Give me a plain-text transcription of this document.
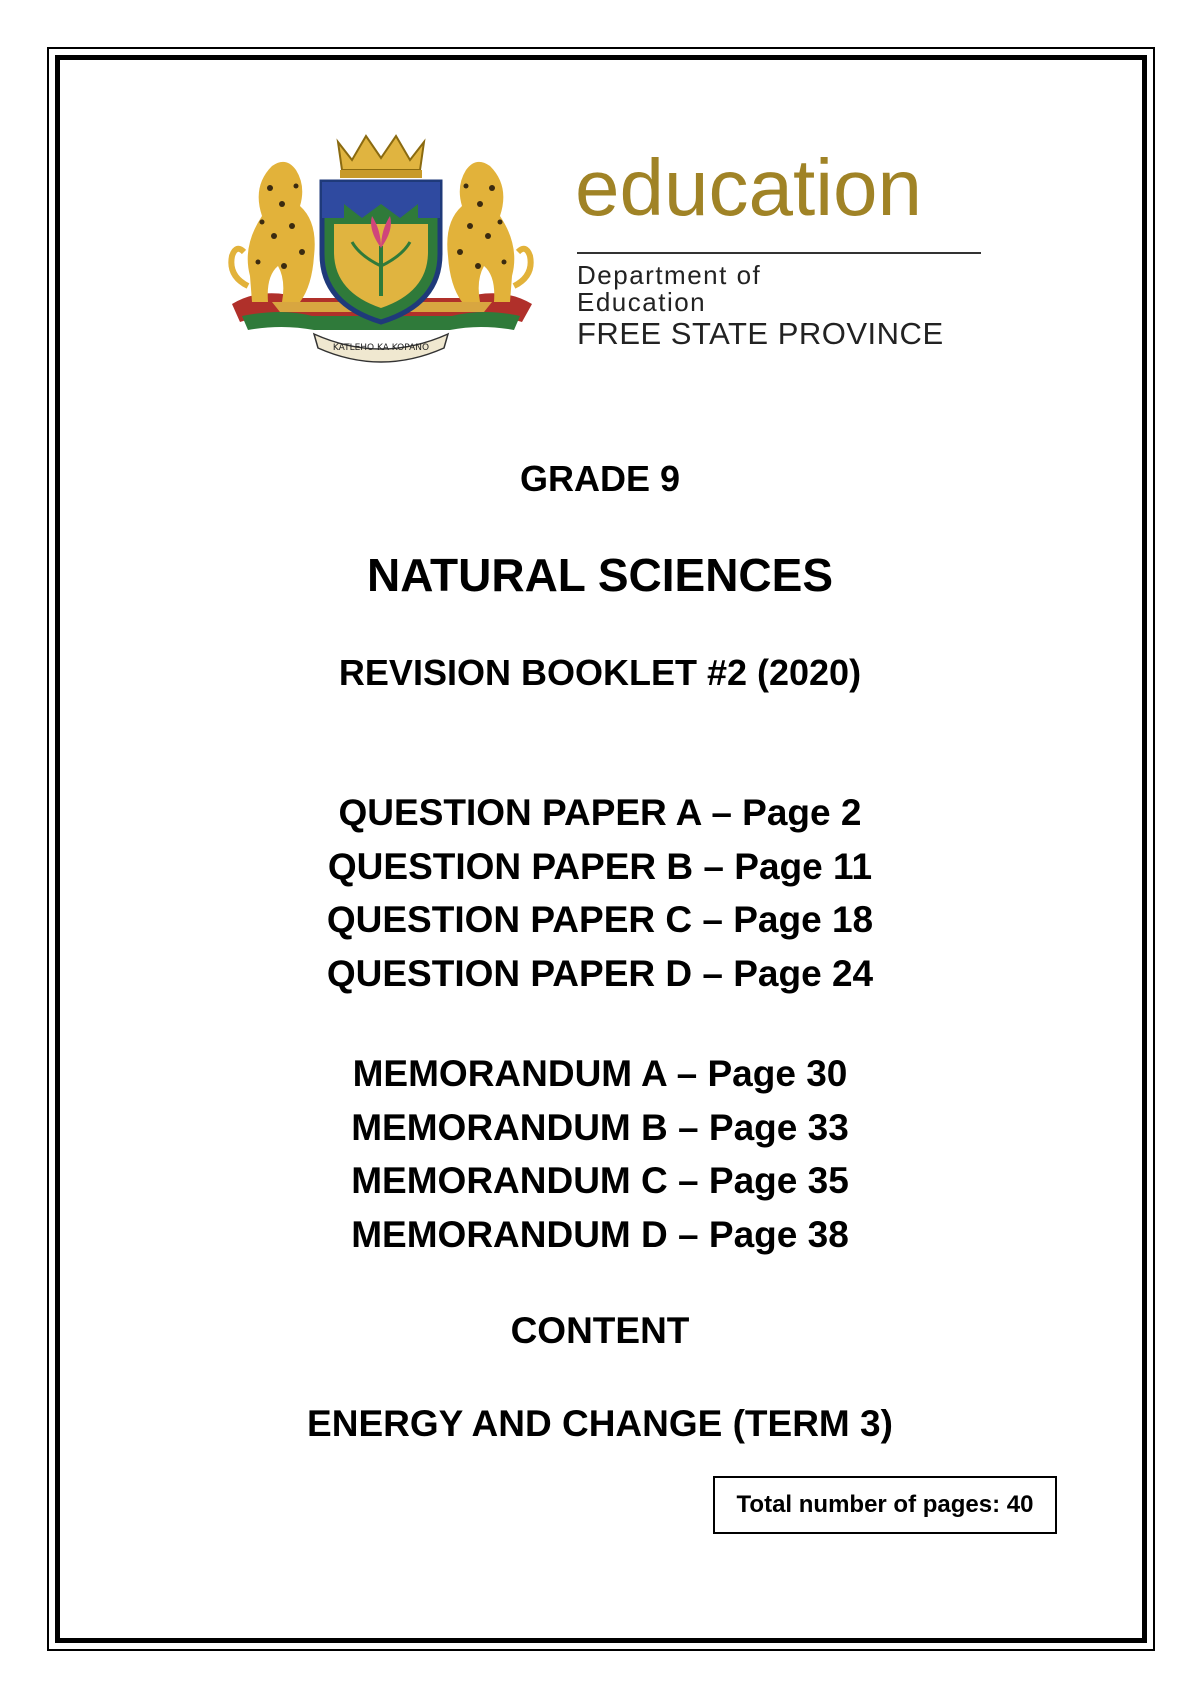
KATLEHO KA KOPANO
education
Department of
Education
FREE STATE PROVINCE
GRADE 9
NATURAL SCIENCES
REVISION BOOKLET #2 (2020)
QUESTION PAPER A – Page 2
QUESTION PAPER B – Page 11
QUESTION PAPER C – Page 18
QUESTION PAPER D – Page 24
MEMORANDUM A – Page 30
MEMORANDUM B – Page 33
MEMORANDUM C – Page 35
MEMORANDUM D – Page 38
CONTENT
ENERGY AND CHANGE (TERM 3)
Total number of pages: 40
